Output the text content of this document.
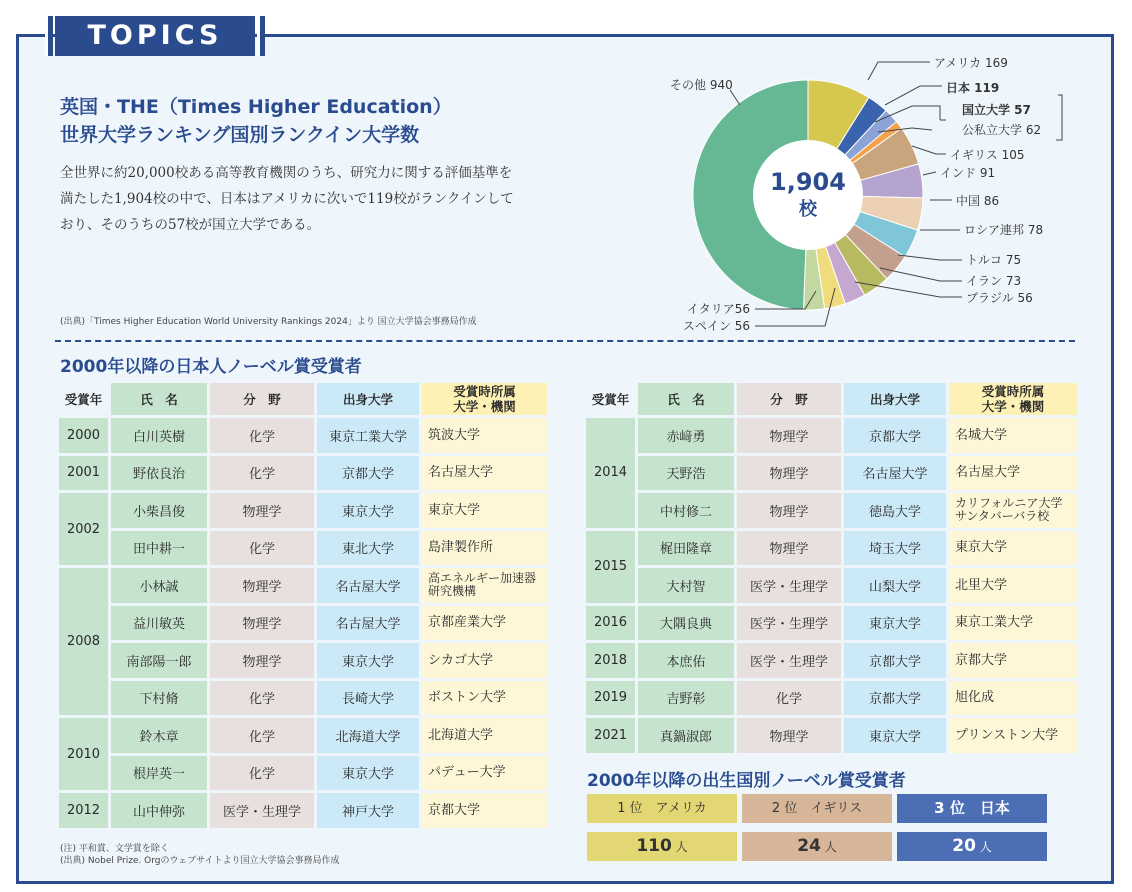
TOPICS
英国・THE（Times Higher Education）
世界大学ランキング国別ランクイン大学数
全世界に約20,000校ある高等教育機関のうち、研究力に関する評価基準を満たした1,904校の中で、日本はアメリカに次いで119校がランクインしており、そのうちの57校が国立大学である。
(出典)「Times Higher Education World University Rankings 2024」より 国立大学協会事務局作成
1,904
校
アメリカ 169
日本 119
国立大学 57
公私立大学 62
イギリス 105
インド 91
中国 86
ロシア連邦 78
トルコ 75
イラン 73
ブラジル 56
イタリア56
スペイン 56
その他 940
2000年以降の日本人ノーベル賞受賞者
受賞年	氏　名	分　野	出身大学	受賞時所属
大学・機関

2000	白川英樹	化学	東京工業大学	筑波大学
2001	野依良治	化学	京都大学	名古屋大学
2002	小柴昌俊	物理学	東京大学	東京大学
	田中耕一	化学	東北大学	島津製作所
2008	小林誠	物理学	名古屋大学	高エネルギー加速器研究機構
	益川敏英	物理学	名古屋大学	京都産業大学
	南部陽一郎	物理学	東京大学	シカゴ大学
	下村脩	化学	長崎大学	ボストン大学
2010	鈴木章	化学	北海道大学	北海道大学
	根岸英一	化学	東京大学	パデュー大学
2012	山中伸弥	医学・生理学	神戸大学	京都大学
受賞年	氏　名	分　野	出身大学	受賞時所属
大学・機関

2014	赤﨑勇	物理学	京都大学	名城大学
	天野浩	物理学	名古屋大学	名古屋大学
	中村修二	物理学	徳島大学	カリフォルニア大学サンタバーバラ校
2015	梶田隆章	物理学	埼玉大学	東京大学
	大村智	医学・生理学	山梨大学	北里大学
2016	大隅良典	医学・生理学	東京大学	東京工業大学
2018	本庶佑	医学・生理学	京都大学	京都大学
2019	吉野彰	化学	京都大学	旭化成
2021	真鍋淑郎	物理学	東京大学	プリンストン大学
2000年以降の出生国別ノーベル賞受賞者
1 位　アメリカ
110 人
2 位　イギリス
24 人
3 位　日本
20 人
(注) 平和賞、文学賞を除く
(出典) Nobel Prize. Orgのウェブサイトより国立大学協会事務局作成
